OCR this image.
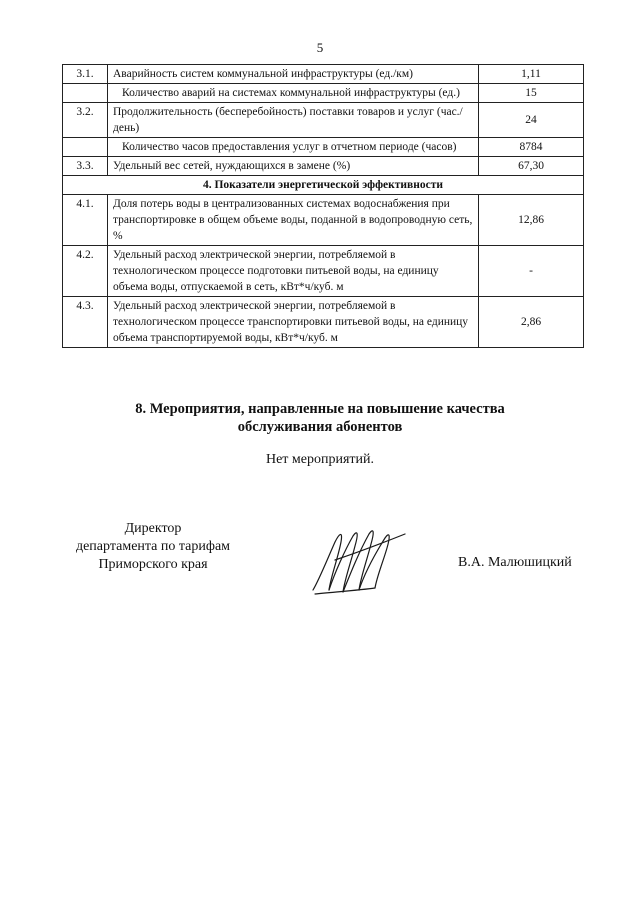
5
3.1.	Аварийность систем коммунальной инфраструктуры (ед./км)	1,11
	Количество аварий на системах коммунальной инфраструктуры (ед.)	15
3.2.	Продолжительность (бесперебойность) поставки товаров и услуг (час./день)	24
	Количество часов предоставления услуг в отчетном периоде (часов)	8784
3.3.	Удельный вес сетей, нуждающихся в замене (%)	67,30
4. Показатели энергетической эффективности		
4.1.	Доля потерь воды в централизованных системах водоснабжения при транспортировке в общем объеме воды, поданной в водопроводную сеть, %	12,86
4.2.	Удельный расход электрической энергии, потребляемой в технологическом процессе подготовки питьевой воды, на единицу объема воды, отпускаемой в сеть, кВт*ч/куб. м	-
4.3.	Удельный расход электрической энергии, потребляемой в технологическом процессе транспортировки питьевой воды, на единицу объема транспортируемой воды, кВт*ч/куб. м	2,86
8. Мероприятия, направленные на повышение качества
обслуживания абонентов
Нет мероприятий.
Директор
департамента по тарифам
Приморского края	В.А. Малюшицкий
